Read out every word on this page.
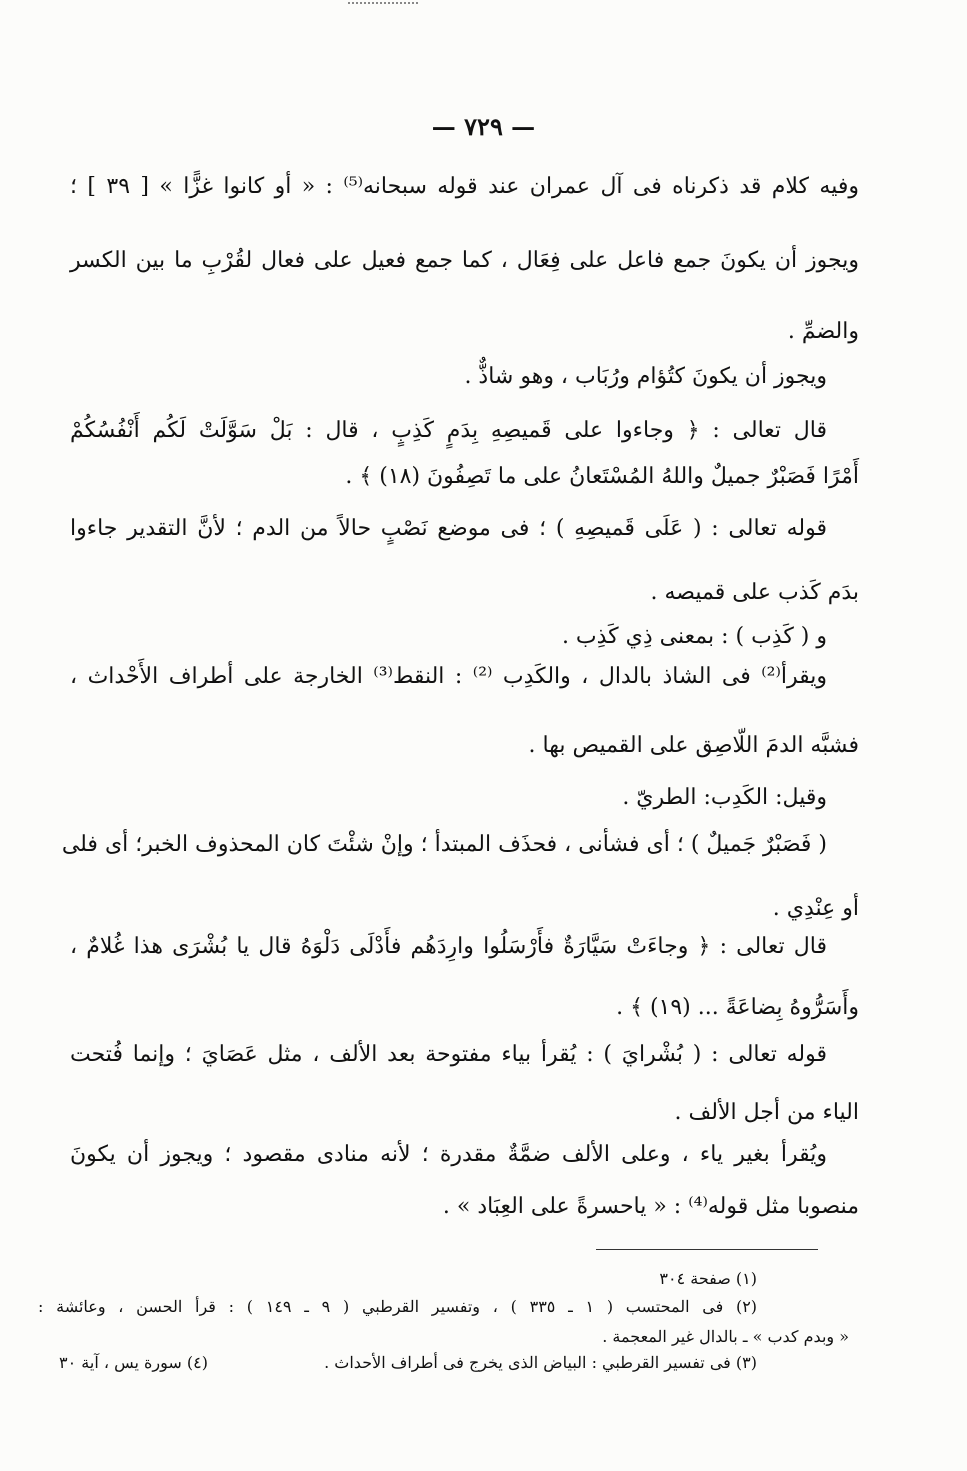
— ٧٢٩ —
وفيه كلام قد ذكرناه فى آل عمران عند قوله سبحانه⁽⁵⁾ : « أو كانوا غزًّا » [ ٣٩ ] ؛
ويجوز أن يكونَ جمع فاعل على فِعَال ، كما جمع فعيل على فعال لقُرْبِ ما بين الكسر
والضمِّ .
ويجوز أن يكونَ كتُؤام ورُبَاب ، وهو شاذٌّ .
قال تعالى : ﴿ وجاءوا على قَميصِهِ بِدَمٍ كَذِبٍ ، قال : بَلْ سَوَّلَتْ لَكُم أَنْفُسُكُمْ
أَمْرًا فَصَبْرٌ جميلٌ واللهُ المُسْتَعانُ على ما تَصِفُونَ (١٨) ﴾ .
قوله تعالى : ( عَلَى قَميصِهِ ) ؛ فى موضع نَصْبٍ حالاً من الدم ؛ لأنَّ التقدير جاءوا
بدَم كَذب على قميصه .
و ( كَذِب ) : بمعنى ذِي كَذِب .
ويقرأ⁽²⁾ فى الشاذ بالدال ، والكَدِب ⁽²⁾ : النقط⁽³⁾ الخارجة على أطراف الأَحْداث ،
فشبَّه الدمَ اللّاصِق على القميص بها .
وقيل: الكَدِب: الطريّ .
( فَصَبْرٌ جَميلٌ ) ؛ أى فشأنى ، فحذَف المبتدأ ؛ وإنْ شئْتَ كان المحذوف الخبر؛ أى فلى
أو عِنْدِي .
قال تعالى : ﴿ وجاءَتْ سَيَّارَةٌ فأَرْسَلُوا وارِدَهُم فأَدْلَى دَلْوَهُ قال يا بُشْرَى هذا غُلامٌ ،
وأَسَرُّوهُ بِضاعَةً ... (١٩) ﴾ .
قوله تعالى : ( بُشْرايَ ) : يُقرأ بياء مفتوحة بعد الألف ، مثل عَصَايَ ؛ وإنما فُتحت
الياء من أجل الألف .
ويُقرأ بغير ياء ، وعلى الألف ضمَّةٌ مقدرة ؛ لأنه منادى مقصود ؛ ويجوز أن يكونَ
منصوبا مثل قوله⁽⁴⁾ : « ياحسرةً على العِبَاد » .
(١) صفحة ٣٠٤
(٢) فى المحتسب ( ١ ـ ٣٣٥ ) ، وتفسير القرطبي ( ٩ ـ ١٤٩ ) : قرأ الحسن ، وعائشة :
« وبدم كدب » ـ بالدال غير المعجمة .
(٣) فى تفسير القرطبي : البياض الذى يخرج فى أطراف الأحداث .
(٤) سورة يس ، آية ٣٠
